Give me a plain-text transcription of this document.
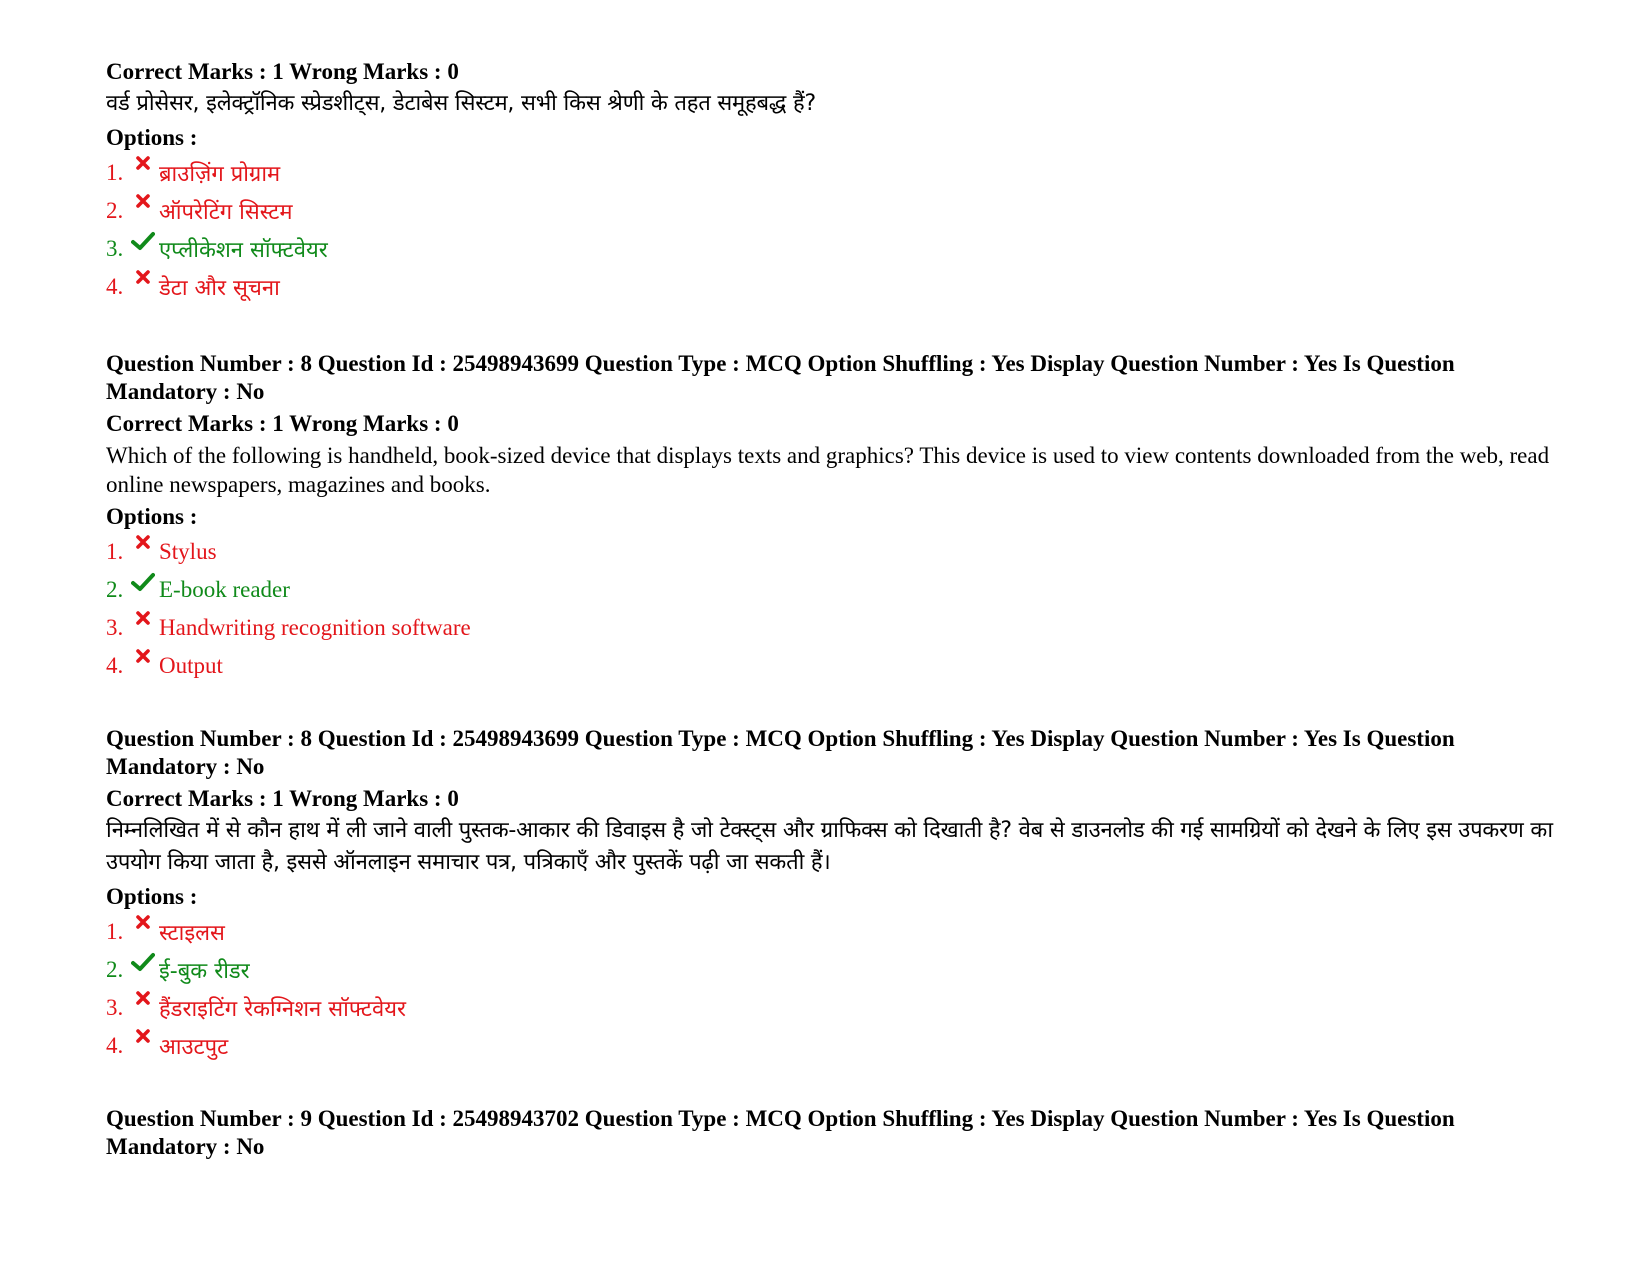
Correct Marks : 1 Wrong Marks : 0

वर्ड प्रोसेसर, इलेक्ट्रॉनिक स्प्रेडशीट्स, डेटाबेस सिस्टम, सभी किस श्रेणी के तहत समूहबद्ध हैं?

Options :

1.	ब्राउज़िंग प्रोग्राम
2.	ऑपरेटिंग सिस्टम
3.	एप्लीकेशन सॉफ्टवेयर
4.	डेटा और सूचना

Question Number : 8 Question Id : 25498943699 Question Type : MCQ Option Shuffling : Yes Display Question Number : Yes Is Question Mandatory : No

Correct Marks : 1 Wrong Marks : 0

Which of the following is handheld, book-sized device that displays texts and graphics? This device is used to view contents downloaded from the web, read online newspapers, magazines and books.

Options :

1.	Stylus
2.	E-book reader
3.	Handwriting recognition software
4.	Output

Question Number : 8 Question Id : 25498943699 Question Type : MCQ Option Shuffling : Yes Display Question Number : Yes Is Question Mandatory : No

Correct Marks : 1 Wrong Marks : 0

निम्नलिखित में से कौन हाथ में ली जाने वाली पुस्तक-आकार की डिवाइस है जो टेक्स्ट्स और ग्राफिक्स को दिखाती है? वेब से डाउनलोड की गई सामग्रियों को देखने के लिए इस उपकरण का उपयोग किया जाता है, इससे ऑनलाइन समाचार पत्र, पत्रिकाएँ और पुस्तकें पढ़ी जा सकती हैं।

Options :

1.	स्टाइलस
2.	ई-बुक रीडर
3.	हैंडराइटिंग रेकग्निशन सॉफ्टवेयर
4.	आउटपुट

Question Number : 9 Question Id : 25498943702 Question Type : MCQ Option Shuffling : Yes Display Question Number : Yes Is Question Mandatory : No
